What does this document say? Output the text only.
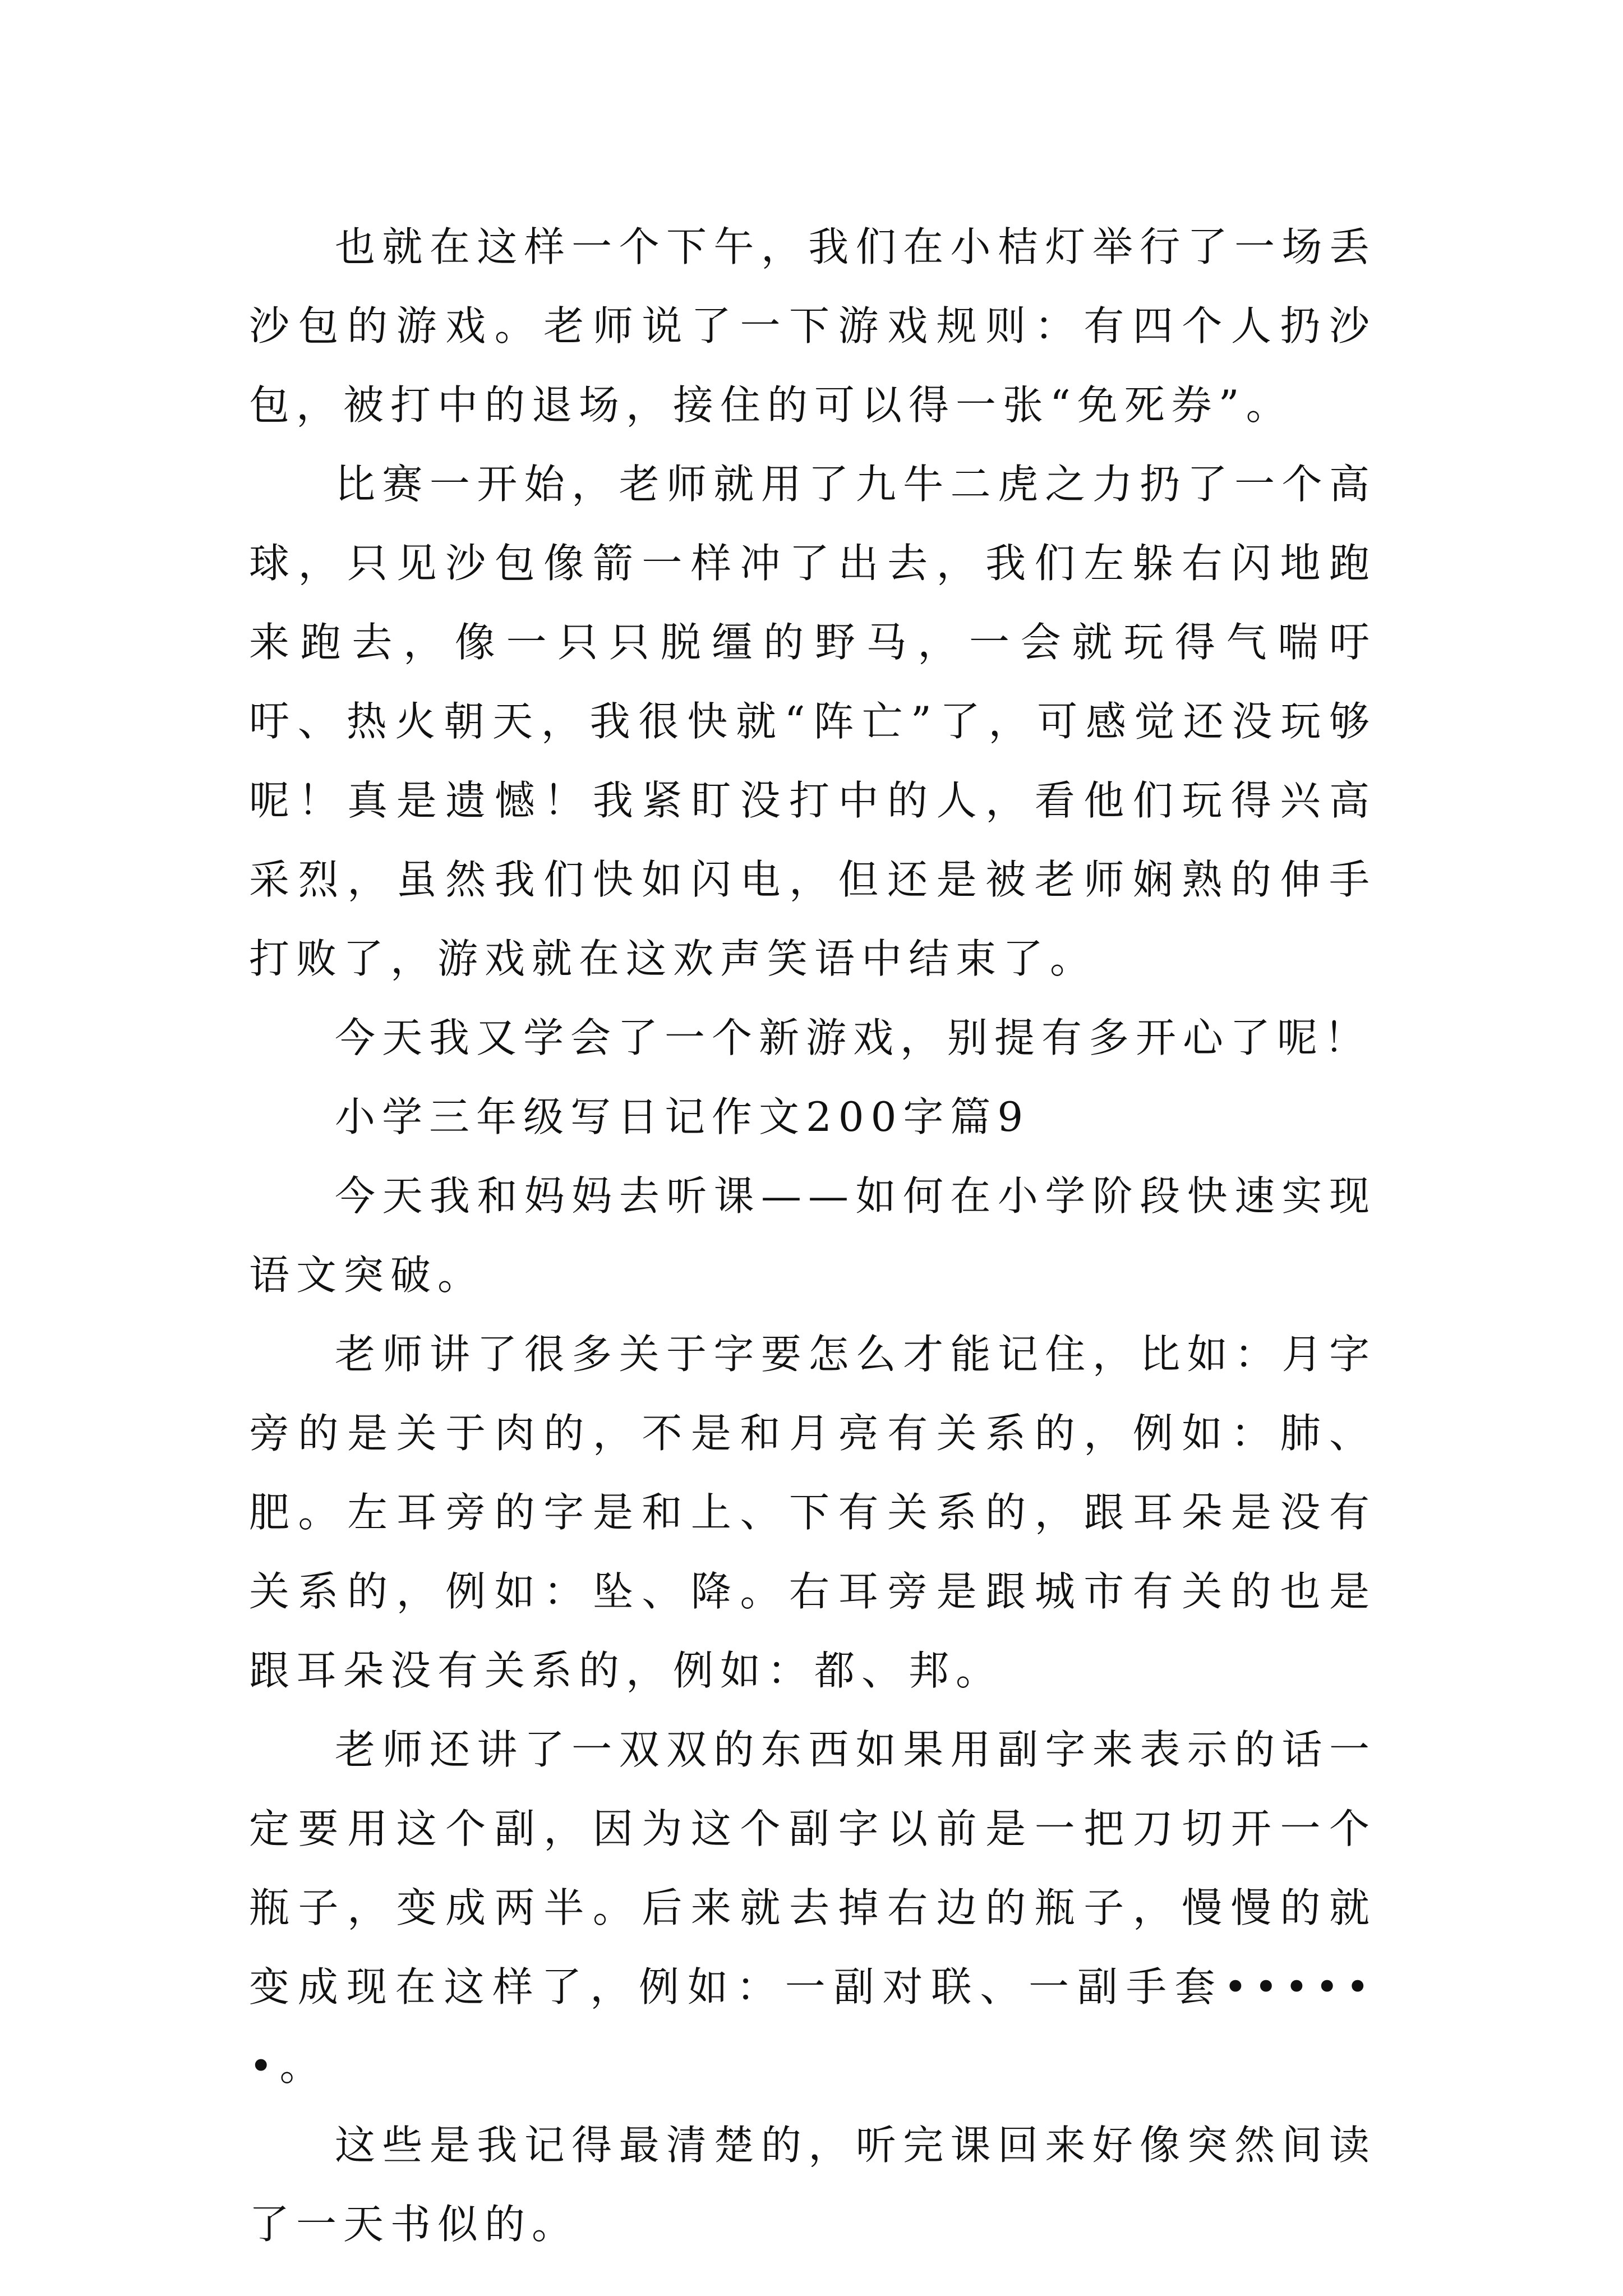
也就在这样一个下午，我们在小桔灯举行了一场丢沙包的游戏。老师说了一下游戏规则：有四个人扔沙包，被打中的退场，接住的可以得一张“免死券”。

比赛一开始，老师就用了九牛二虎之力扔了一个高球，只见沙包像箭一样冲了出去，我们左躲右闪地跑来跑去，像一只只脱缰的野马，一会就玩得气喘吁吁、热火朝天，我很快就“阵亡”了，可感觉还没玩够呢！真是遗憾！我紧盯没打中的人，看他们玩得兴高采烈，虽然我们快如闪电，但还是被老师娴熟的伸手打败了，游戏就在这欢声笑语中结束了。

今天我又学会了一个新游戏，别提有多开心了呢！

小学三年级写日记作文200字篇9

今天我和妈妈去听课——如何在小学阶段快速实现语文突破。

老师讲了很多关于字要怎么才能记住，比如：月字旁的是关于肉的，不是和月亮有关系的，例如：肺、肥。左耳旁的字是和上、下有关系的，跟耳朵是没有关系的，例如：坠、降。右耳旁是跟城市有关的也是跟耳朵没有关系的，例如：都、邦。

老师还讲了一双双的东西如果用副字来表示的话一定要用这个副，因为这个副字以前是一把刀切开一个瓶子，变成两半。后来就去掉右边的瓶子，慢慢的就变成现在这样了，例如：一副对联、一副手套••••••。

这些是我记得最清楚的，听完课回来好像突然间读了一天书似的。
